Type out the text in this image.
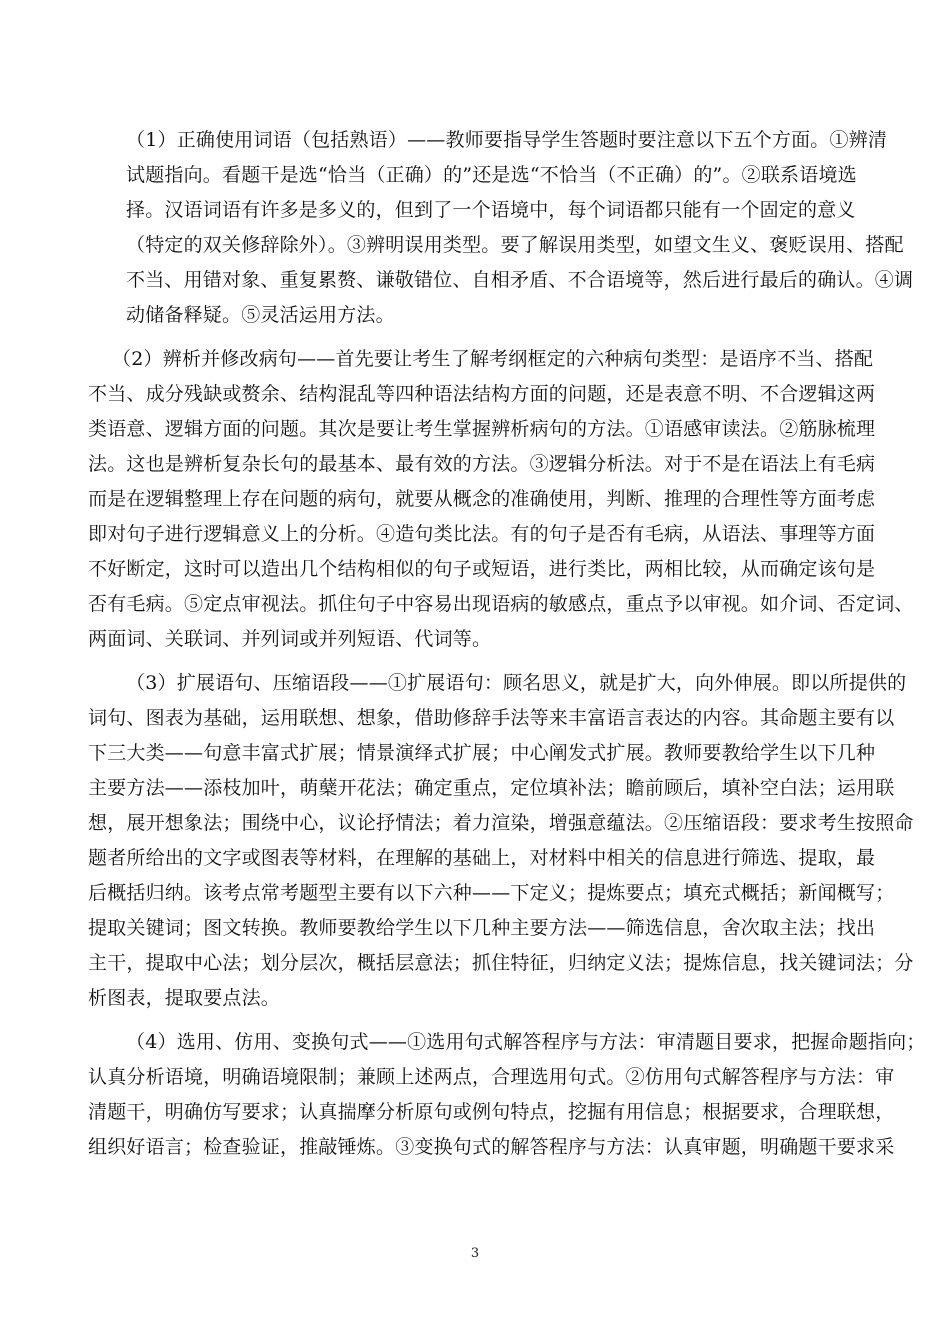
（1）正确使用词语（包括熟语）——教师要指导学生答题时要注意以下五个方面。①辨清
试题指向。看题干是选“恰当（正确）的”还是选“不恰当（不正确）的”。②联系语境选
择。汉语词语有许多是多义的，但到了一个语境中，每个词语都只能有一个固定的意义
（特定的双关修辞除外）。③辨明误用类型。要了解误用类型，如望文生义、褒贬误用、搭配
不当、用错对象、重复累赘、谦敬错位、自相矛盾、不合语境等，然后进行最后的确认。④调
动储备释疑。⑤灵活运用方法。
（2）辨析并修改病句——首先要让考生了解考纲框定的六种病句类型：是语序不当、搭配
不当、成分残缺或赘余、结构混乱等四种语法结构方面的问题，还是表意不明、不合逻辑这两
类语意、逻辑方面的问题。其次是要让考生掌握辨析病句的方法。①语感审读法。②筋脉梳理
法。这也是辨析复杂长句的最基本、最有效的方法。③逻辑分析法。对于不是在语法上有毛病
而是在逻辑整理上存在问题的病句，就要从概念的准确使用，判断、推理的合理性等方面考虑
即对句子进行逻辑意义上的分析。④造句类比法。有的句子是否有毛病，从语法、事理等方面
不好断定，这时可以造出几个结构相似的句子或短语，进行类比，两相比较，从而确定该句是
否有毛病。⑤定点审视法。抓住句子中容易出现语病的敏感点，重点予以审视。如介词、否定词、
两面词、关联词、并列词或并列短语、代词等。
（3）扩展语句、压缩语段——①扩展语句：顾名思义，就是扩大，向外伸展。即以所提供的
词句、图表为基础，运用联想、想象，借助修辞手法等来丰富语言表达的内容。其命题主要有以
下三大类——句意丰富式扩展；情景演绎式扩展；中心阐发式扩展。教师要教给学生以下几种
主要方法——添枝加叶，萌蘖开花法；确定重点，定位填补法；瞻前顾后，填补空白法；运用联
想，展开想象法；围绕中心，议论抒情法；着力渲染，增强意蕴法。②压缩语段：要求考生按照命
题者所给出的文字或图表等材料，在理解的基础上，对材料中相关的信息进行筛选、提取，最
后概括归纳。该考点常考题型主要有以下六种——下定义；提炼要点；填充式概括；新闻概写；
提取关键词；图文转换。教师要教给学生以下几种主要方法——筛选信息，舍次取主法；找出
主干，提取中心法；划分层次，概括层意法；抓住特征，归纳定义法；提炼信息，找关键词法；分
析图表，提取要点法。
（4）选用、仿用、变换句式——①选用句式解答程序与方法：审清题目要求，把握命题指向；
认真分析语境，明确语境限制；兼顾上述两点，合理选用句式。②仿用句式解答程序与方法：审
清题干，明确仿写要求；认真揣摩分析原句或例句特点，挖掘有用信息；根据要求，合理联想，
组织好语言；检查验证，推敲锤炼。③变换句式的解答程序与方法：认真审题，明确题干要求采
3
